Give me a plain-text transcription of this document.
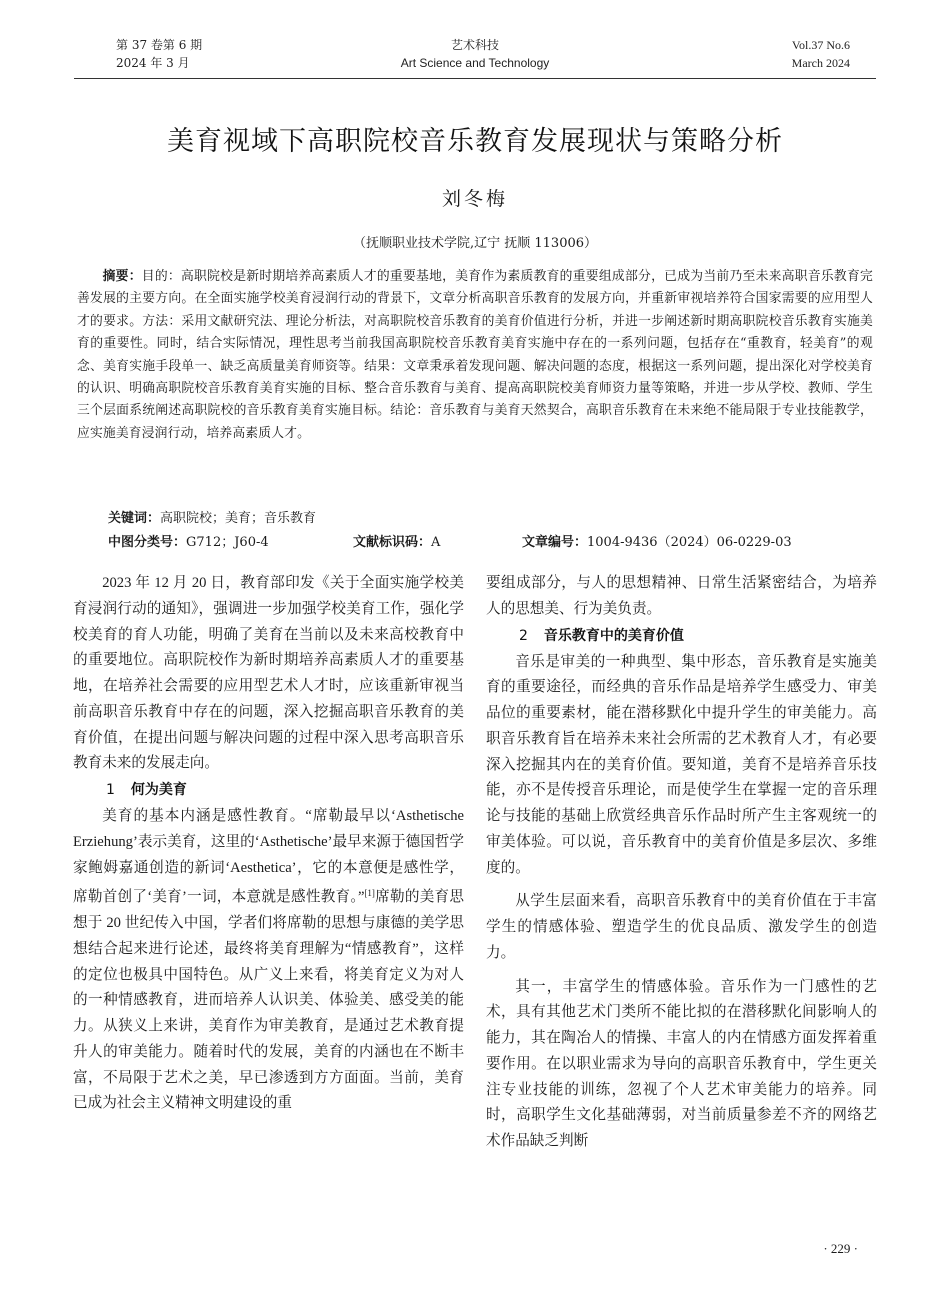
第 37 卷第 6 期
2024 年 3 月
艺术科技
Art Science and Technology
Vol.37 No.6
March 2024
美育视域下高职院校音乐教育发展现状与策略分析
刘冬梅
（抚顺职业技术学院,辽宁 抚顺 113006）

摘要：目的：高职院校是新时期培养高素质人才的重要基地，美育作为素质教育的重要组成部分，已成为当前乃至未来高职音乐教育完善发展的主要方向。在全面实施学校美育浸润行动的背景下，文章分析高职音乐教育的发展方向，并重新审视培养符合国家需要的应用型人才的要求。方法：采用文献研究法、理论分析法，对高职院校音乐教育的美育价值进行分析，并进一步阐述新时期高职院校音乐教育实施美育的重要性。同时，结合实际情况，理性思考当前我国高职院校音乐教育美育实施中存在的一系列问题，包括存在“重教育，轻美育”的观念、美育实施手段单一、缺乏高质量美育师资等。结果：文章秉承着发现问题、解决问题的态度，根据这一系列问题，提出深化对学校美育的认识、明确高职院校音乐教育美育实施的目标、整合音乐教育与美育、提高高职院校美育师资力量等策略，并进一步从学校、教师、学生三个层面系统阐述高职院校的音乐教育美育实施目标。结论：音乐教育与美育天然契合，高职音乐教育在未来绝不能局限于专业技能教学，应实施美育浸润行动，培养高素质人才。

关键词：高职院校；美育；音乐教育
中图分类号：G712；J60-4	文献标识码：A	文章编号：1004-9436（2024）06-0229-03

2023 年 12 月 20 日，教育部印发《关于全面实施学校美育浸润行动的通知》，强调进一步加强学校美育工作，强化学校美育的育人功能，明确了美育在当前以及未来高校教育中的重要地位。高职院校作为新时期培养高素质人才的重要基地，在培养社会需要的应用型艺术人才时，应该重新审视当前高职音乐教育中存在的问题，深入挖掘高职音乐教育的美育价值，在提出问题与解决问题的过程中深入思考高职音乐教育未来的发展走向。

1 何为美育

美育的基本内涵是感性教育。“席勒最早以‘Asthetische Erziehung’表示美育，这里的‘Asthetische’最早来源于德国哲学家鲍姆嘉通创造的新词‘Aesthetica’，它的本意便是感性学，席勒首创了‘美育’一词，本意就是感性教育。”[1]席勒的美育思想于 20 世纪传入中国，学者们将席勒的思想与康德的美学思想结合起来进行论述，最终将美育理解为“情感教育”，这样的定位也极具中国特色。从广义上来看，将美育定义为对人的一种情感教育，进而培养人认识美、体验美、感受美的能力。从狭义上来讲，美育作为审美教育，是通过艺术教育提升人的审美能力。随着时代的发展，美育的内涵也在不断丰富，不局限于艺术之美，早已渗透到方方面面。当前，美育已成为社会主义精神文明建设的重

要组成部分，与人的思想精神、日常生活紧密结合，为培养人的思想美、行为美负责。

2 音乐教育中的美育价值

音乐是审美的一种典型、集中形态，音乐教育是实施美育的重要途径，而经典的音乐作品是培养学生感受力、审美品位的重要素材，能在潜移默化中提升学生的审美能力。高职音乐教育旨在培养未来社会所需的艺术教育人才，有必要深入挖掘其内在的美育价值。要知道，美育不是培养音乐技能，亦不是传授音乐理论，而是使学生在掌握一定的音乐理论与技能的基础上欣赏经典音乐作品时所产生主客观统一的审美体验。可以说，音乐教育中的美育价值是多层次、多维度的。

从学生层面来看，高职音乐教育中的美育价值在于丰富学生的情感体验、塑造学生的优良品质、激发学生的创造力。

其一，丰富学生的情感体验。音乐作为一门感性的艺术，具有其他艺术门类所不能比拟的在潜移默化间影响人的能力，其在陶冶人的情操、丰富人的内在情感方面发挥着重要作用。在以职业需求为导向的高职音乐教育中，学生更关注专业技能的训练，忽视了个人艺术审美能力的培养。同时，高职学生文化基础薄弱，对当前质量参差不齐的网络艺术作品缺乏判断

· 229 ·
